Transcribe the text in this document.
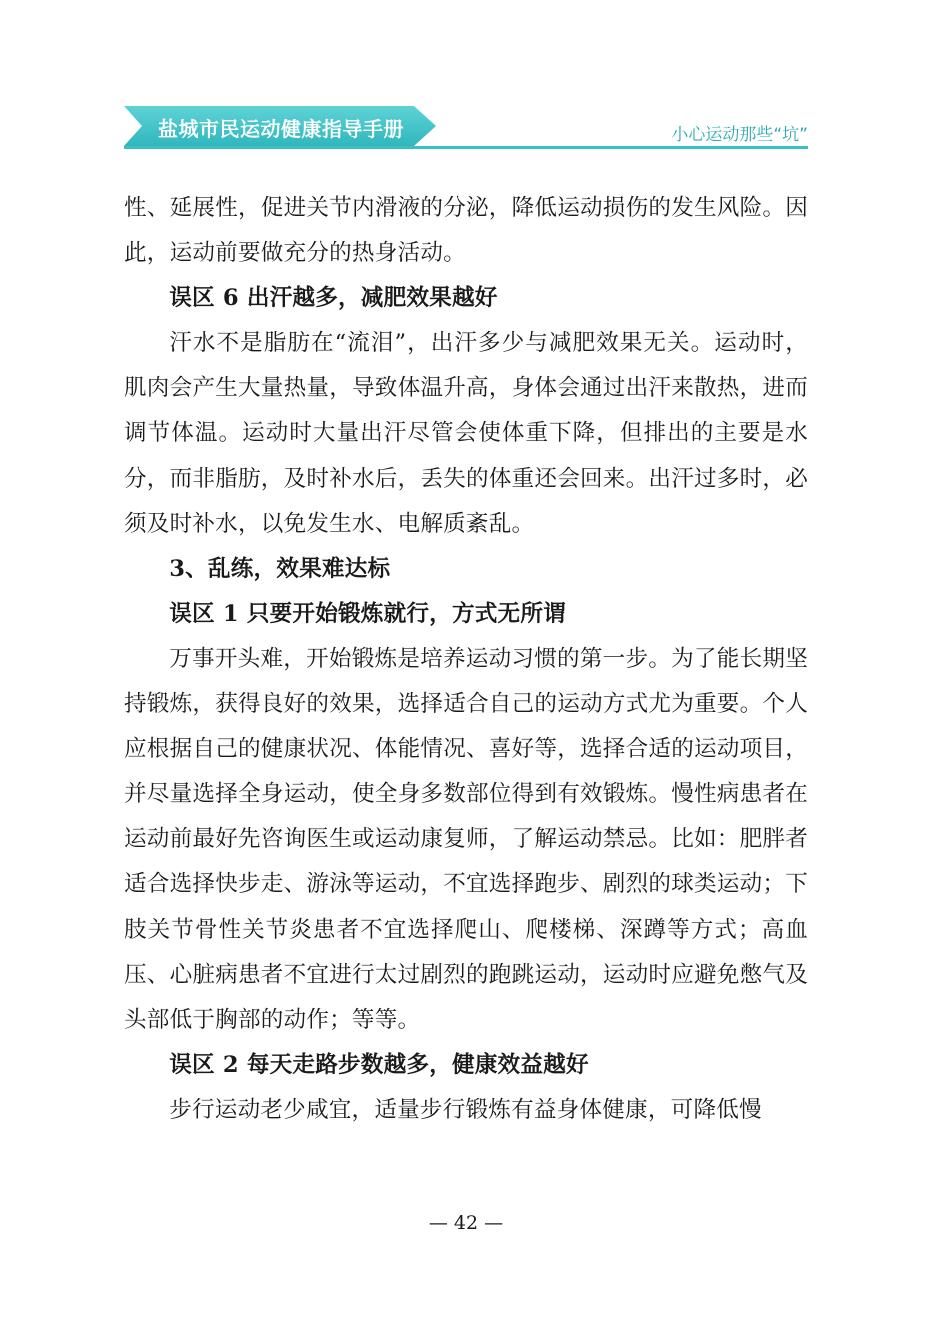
盐城市民运动健康指导手册	小心运动那些“坑”

性、延展性，促进关节内滑液的分泌，降低运动损伤的发生风险。因此，运动前要做充分的热身活动。

误区 6 出汗越多，减肥效果越好

汗水不是脂肪在“流泪”，出汗多少与减肥效果无关。运动时，肌肉会产生大量热量，导致体温升高，身体会通过出汗来散热，进而调节体温。运动时大量出汗尽管会使体重下降，但排出的主要是水分，而非脂肪，及时补水后，丢失的体重还会回来。出汗过多时，必须及时补水，以免发生水、电解质紊乱。

3、乱练，效果难达标

误区 1 只要开始锻炼就行，方式无所谓

万事开头难，开始锻炼是培养运动习惯的第一步。为了能长期坚持锻炼，获得良好的效果，选择适合自己的运动方式尤为重要。个人应根据自己的健康状况、体能情况、喜好等，选择合适的运动项目，并尽量选择全身运动，使全身多数部位得到有效锻炼。慢性病患者在运动前最好先咨询医生或运动康复师，了解运动禁忌。比如：肥胖者适合选择快步走、游泳等运动，不宜选择跑步、剧烈的球类运动；下肢关节骨性关节炎患者不宜选择爬山、爬楼梯、深蹲等方式；高血压、心脏病患者不宜进行太过剧烈的跑跳运动，运动时应避免憋气及头部低于胸部的动作；等等。

误区 2 每天走路步数越多，健康效益越好

步行运动老少咸宜，适量步行锻炼有益身体健康，可降低慢

— 42 —
